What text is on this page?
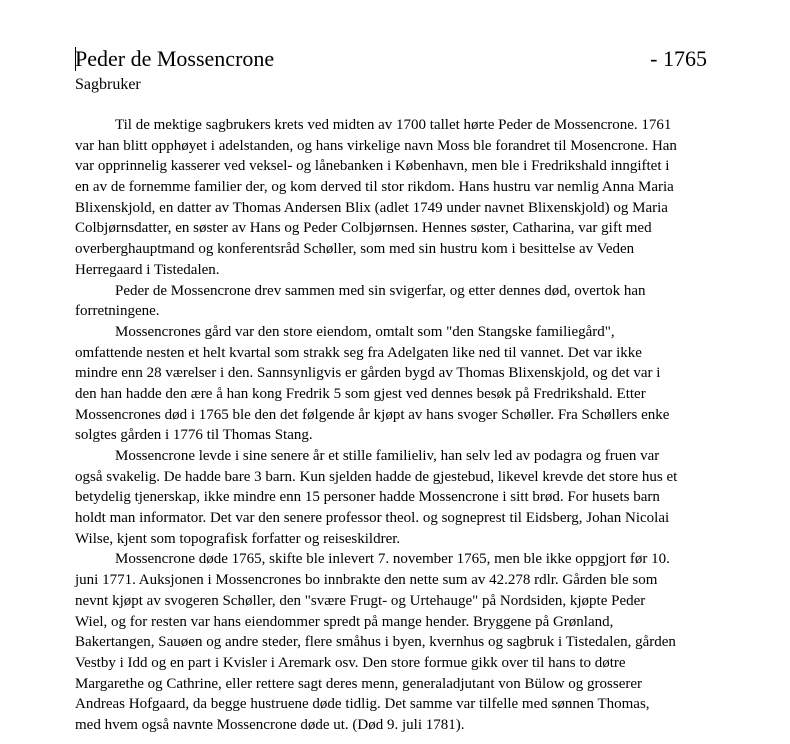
Peder de Mossencrone	- 1765
Sagbruker
Til de mektige sagbrukers krets ved midten av 1700 tallet hørte Peder de Mossencrone. 1761
var han blitt opphøyet i adelstanden, og hans virkelige navn Moss ble forandret til Mosencrone. Han
var opprinnelig kasserer ved veksel- og lånebanken i København, men ble i Fredrikshald inngiftet i
en av de fornemme familier der, og kom derved til stor rikdom. Hans hustru var nemlig Anna Maria
Blixenskjold, en datter av Thomas Andersen Blix (adlet 1749 under navnet Blixenskjold) og Maria
Colbjørnsdatter, en søster av Hans og Peder Colbjørnsen. Hennes søster, Catharina, var gift med
overberghauptmand og konferentsråd Schøller, som med sin hustru kom i besittelse av Veden
Herregaard i Tistedalen.
Peder de Mossencrone drev sammen med sin svigerfar, og etter dennes død, overtok han
forretningene.
Mossencrones gård var den store eiendom, omtalt som "den Stangske familiegård",
omfattende nesten et helt kvartal som strakk seg fra Adelgaten like ned til vannet. Det var ikke
mindre enn 28 værelser i den. Sannsynligvis er gården bygd av Thomas Blixenskjold, og det var i
den han hadde den ære å han kong Fredrik 5 som gjest ved dennes besøk på Fredrikshald. Etter
Mossencrones død i 1765 ble den det følgende år kjøpt av hans svoger Schøller. Fra Schøllers enke
solgtes gården i 1776 til Thomas Stang.
Mossencrone levde i sine senere år et stille familieliv, han selv led av podagra og fruen var
også svakelig. De hadde bare 3 barn. Kun sjelden hadde de gjestebud, likevel krevde det store hus et
betydelig tjenerskap, ikke mindre enn 15 personer hadde Mossencrone i sitt brød. For husets barn
holdt man informator. Det var den senere professor theol. og sogneprest til Eidsberg, Johan Nicolai
Wilse, kjent som topografisk forfatter og reiseskildrer.
Mossencrone døde 1765, skifte ble inlevert 7. november 1765, men ble ikke oppgjort før 10.
juni 1771. Auksjonen i Mossencrones bo innbrakte den nette sum av 42.278 rdlr. Gården ble som
nevnt kjøpt av svogeren Schøller, den "svære Frugt- og Urtehauge" på Nordsiden, kjøpte Peder
Wiel, og for resten var hans eiendommer spredt på mange hender. Bryggene på Grønland,
Bakertangen, Sauøen og andre steder, flere småhus i byen, kvernhus og sagbruk i Tistedalen, gården
Vestby i Idd og en part i Kvisler i Aremark osv. Den store formue gikk over til hans to døtre
Margarethe og Cathrine, eller rettere sagt deres menn, generaladjutant von Bülow og grosserer
Andreas Hofgaard, da begge hustruene døde tidlig. Det samme var tilfelle med sønnen Thomas,
med hvem også navnte Mossencrone døde ut. (Død 9. juli 1781).
